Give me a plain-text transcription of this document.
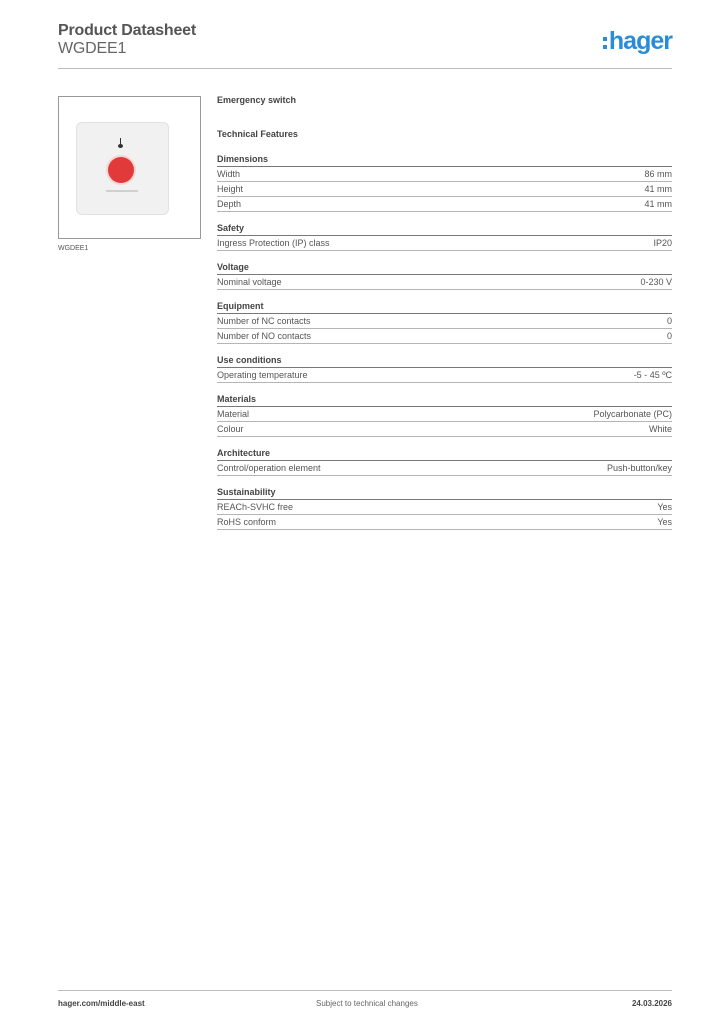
Product Datasheet
WGDEE1	hager
WGDEE1
Emergency switch
Technical Features
Dimensions
Width	86 mm
Height	41 mm
Depth	41 mm
Safety
Ingress Protection (IP) class	IP20
Voltage
Nominal voltage	0-230 V
Equipment
Number of NC contacts	0
Number of NO contacts	0
Use conditions
Operating temperature	-5 - 45 ºC
Materials
Material	Polycarbonate (PC)
Colour	White
Architecture
Control/operation element	Push-button/key
Sustainability
REACh-SVHC free	Yes
RoHS conform	Yes
hager.com/middle-east	Subject to technical changes	24.03.2026
